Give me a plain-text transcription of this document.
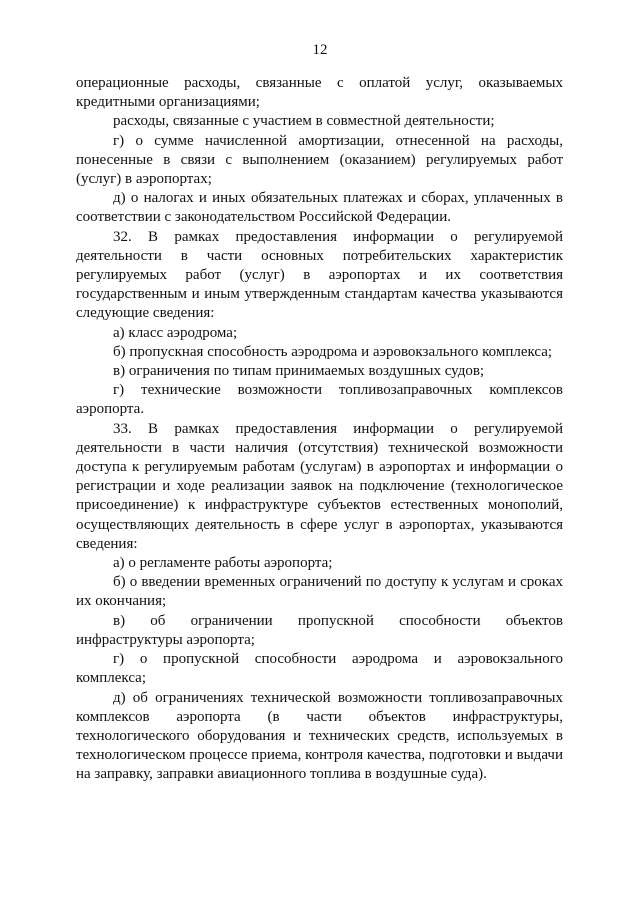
12

операционные расходы, связанные с оплатой услуг, оказываемых кредитными организациями;

расходы, связанные с участием в совместной деятельности;

г) о сумме начисленной амортизации, отнесенной на расходы, понесенные в связи с выполнением (оказанием) регулируемых работ (услуг) в аэропортах;

д) о налогах и иных обязательных платежах и сборах, уплаченных в соответствии с законодательством Российской Федерации.

32. В рамках предоставления информации о регулируемой деятельности в части основных потребительских характеристик регулируемых работ (услуг) в аэропортах и их соответствия государственным и иным утвержденным стандартам качества указываются следующие сведения:

а) класс аэродрома;

б) пропускная способность аэродрома и аэровокзального комплекса;

в) ограничения по типам принимаемых воздушных судов;

г) технические возможности топливозаправочных комплексов аэропорта.

33. В рамках предоставления информации о регулируемой деятельности в части наличия (отсутствия) технической возможности доступа к регулируемым работам (услугам) в аэропортах и информации о регистрации и ходе реализации заявок на подключение (технологическое присоединение) к инфраструктуре субъектов естественных монополий, осуществляющих деятельность в сфере услуг в аэропортах, указываются сведения:

а) о регламенте работы аэропорта;

б) о введении временных ограничений по доступу к услугам и сроках их окончания;

в) об ограничении пропускной способности объектов инфраструктуры аэропорта;

г) о пропускной способности аэродрома и аэровокзального комплекса;

д) об ограничениях технической возможности топливозаправочных комплексов аэропорта (в части объектов инфраструктуры, технологического оборудования и технических средств, используемых в технологическом процессе приема, контроля качества, подготовки и выдачи на заправку, заправки авиационного топлива в воздушные суда).
